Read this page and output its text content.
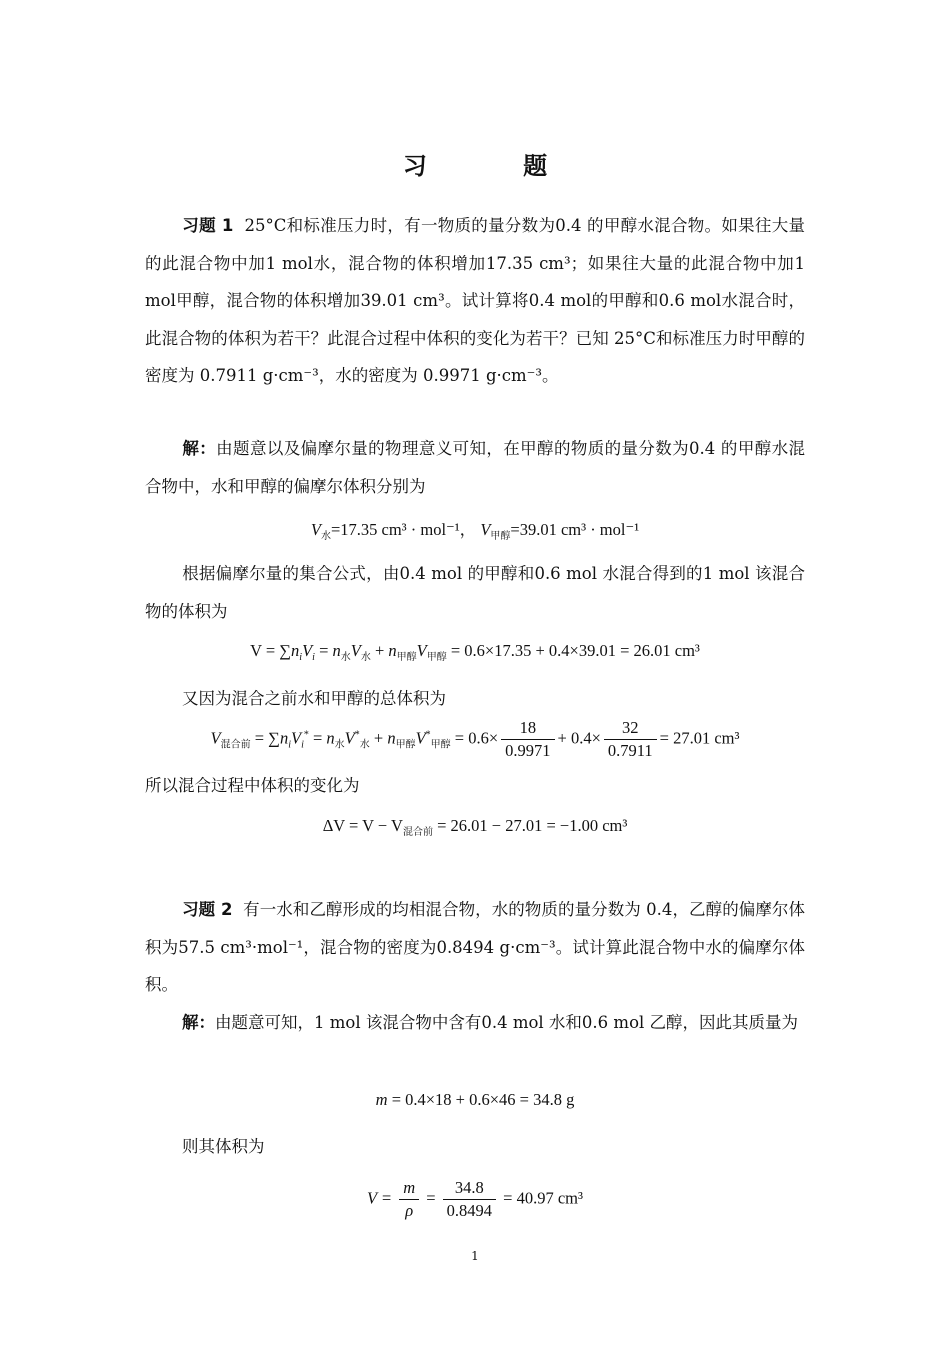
习 题
习题 1 25°C和标准压力时，有一物质的量分数为0.4 的甲醇水混合物。如果往大量的此混合物中加1 mol水，混合物的体积增加17.35 cm³；如果往大量的此混合物中加1 mol甲醇，混合物的体积增加39.01 cm³。试计算将0.4 mol的甲醇和0.6 mol水混合时，此混合物的体积为若干？此混合过程中体积的变化为若干？已知 25°C和标准压力时甲醇的密度为 0.7911 g·cm⁻³，水的密度为 0.9971 g·cm⁻³。
解：由题意以及偏摩尔量的物理意义可知，在甲醇的物质的量分数为0.4 的甲醇水混合物中，水和甲醇的偏摩尔体积分别为
$V_水=17.35$ cm³ · mol⁻¹， $V_{甲醇}=39.01$ cm³ · mol⁻¹
根据偏摩尔量的集合公式，由0.4 mol 的甲醇和0.6 mol 水混合得到的1 mol 该混合物的体积为
$V = \sum n_iV_i = n_水V_水 + n_{甲醇}V_{甲醇} = 0.6\times 17.35 + 0.4\times 39.01 = 26.01$ cm³
又因为混合之前水和甲醇的总体积为
$V_{混合前} = \sum n_iV_i^* = n_水V^*_水 + n_{甲醇}V^*_{甲醇} = 0.6\times \frac{18}{0.9971} + 0.4\times \frac{32}{0.7911} = 27.01$ cm³
所以混合过程中体积的变化为
$\Delta V = V - V_{混合前} = 26.01 - 27.01 = -1.00$ cm³
习题 2 有一水和乙醇形成的均相混合物，水的物质的量分数为 0.4，乙醇的偏摩尔体积为57.5 cm³·mol⁻¹，混合物的密度为0.8494 g·cm⁻³。试计算此混合物中水的偏摩尔体积。
解：由题意可知，1 mol 该混合物中含有0.4 mol 水和0.6 mol 乙醇，因此其质量为
m = 0.4×18 + 0.6×46 = 34.8 g
则其体积为
$V = \frac{m}{\rho} = \frac{34.8}{0.8494} = 40.97$ cm³
1
